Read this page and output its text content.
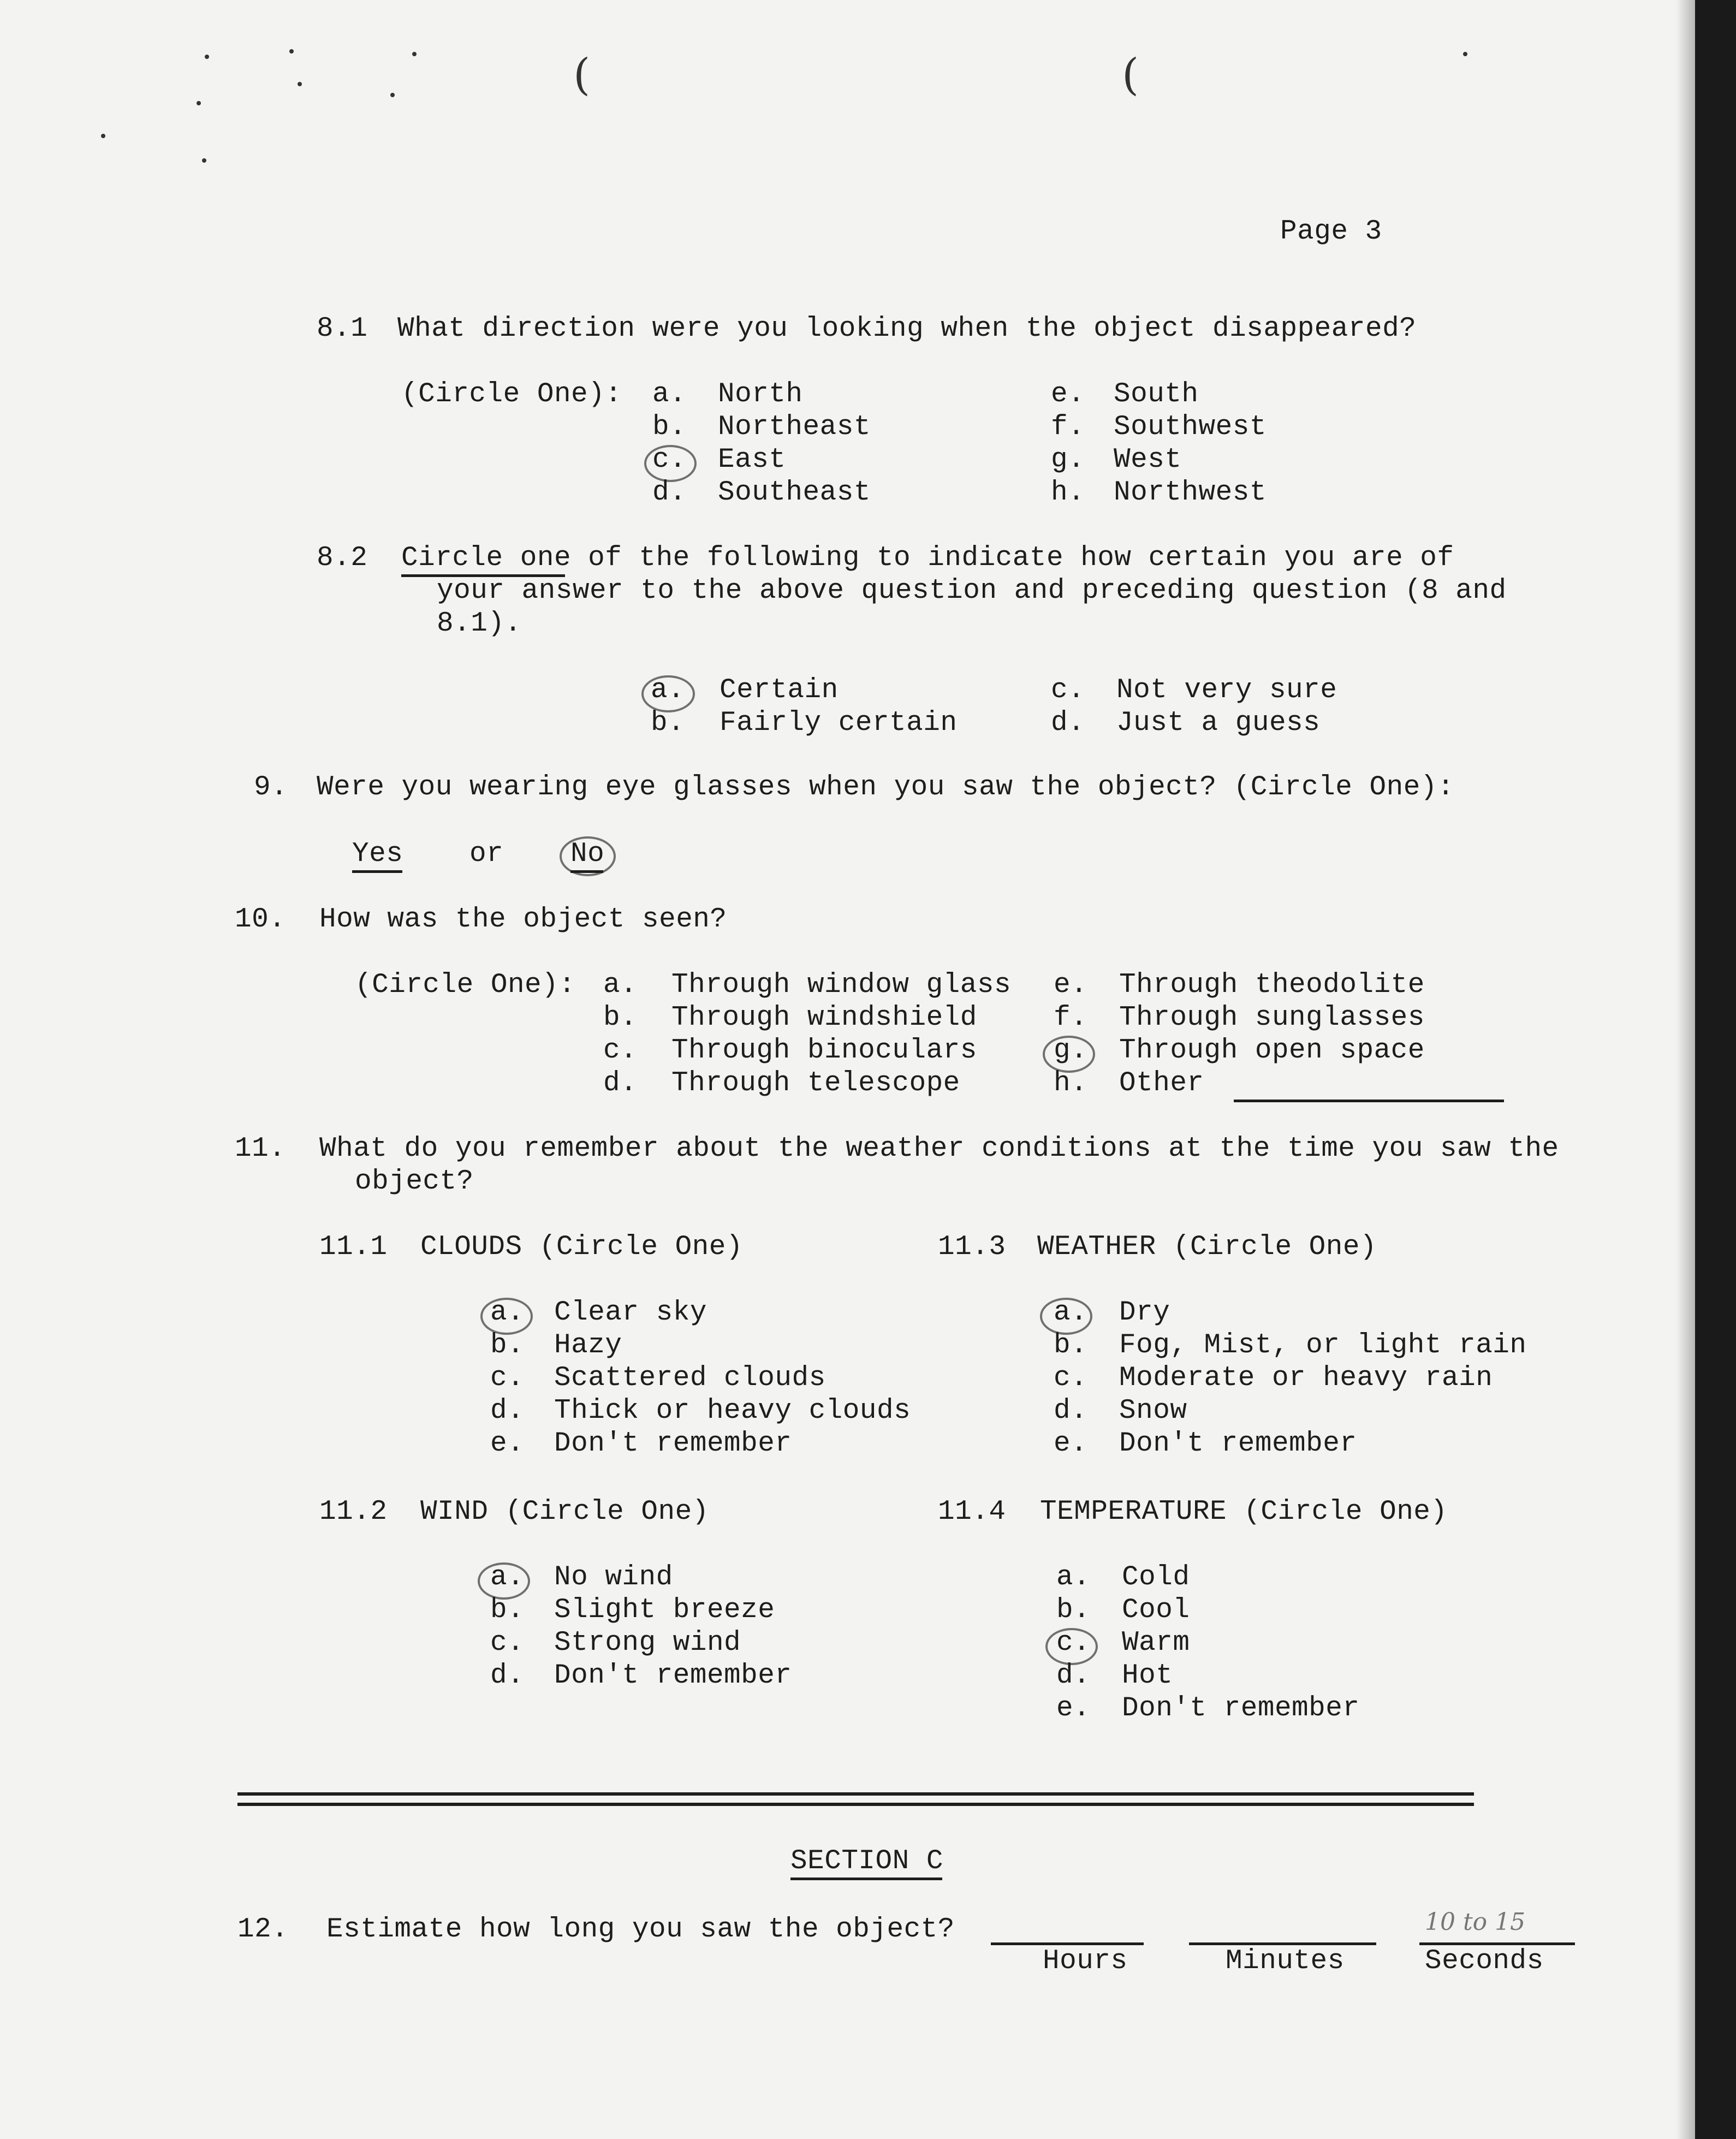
(	(
Page 3
8.1 What direction were you looking when the object disappeared?
(Circle One): a. North
b. Northeast
c. East
d. Southeast
e. South
f. Southwest
g. West
h. Northwest
8.2 Circle one of the following to indicate how certain you are of
your answer to the above question and preceding question (8 and
8.1).
a. Certain
b. Fairly certain
c. Not very sure
d. Just a guess
9. Were you wearing eye glasses when you saw the object? (Circle One):
Yes or No
10. How was the object seen?
(Circle One): a. Through window glass
b. Through windshield
c. Through binoculars
d. Through telescope
e. Through theodolite
f. Through sunglasses
g. Through open space
h. Other
11. What do you remember about the weather conditions at the time you saw the
object?
11.1 CLOUDS (Circle One)
a. Clear sky
b. Hazy
c. Scattered clouds
d. Thick or heavy clouds
e. Don't remember
11.3 WEATHER (Circle One)
a. Dry
b. Fog, Mist, or light rain
c. Moderate or heavy rain
d. Snow
e. Don't remember
11.2 WIND (Circle One)
a. No wind
b. Slight breeze
c. Strong wind
d. Don't remember
11.4 TEMPERATURE (Circle One)
a. Cold
b. Cool
c. Warm
d. Hot
e. Don't remember
SECTION C
12. Estimate how long you saw the object?
Hours	Minutes
10 to 15
Seconds
